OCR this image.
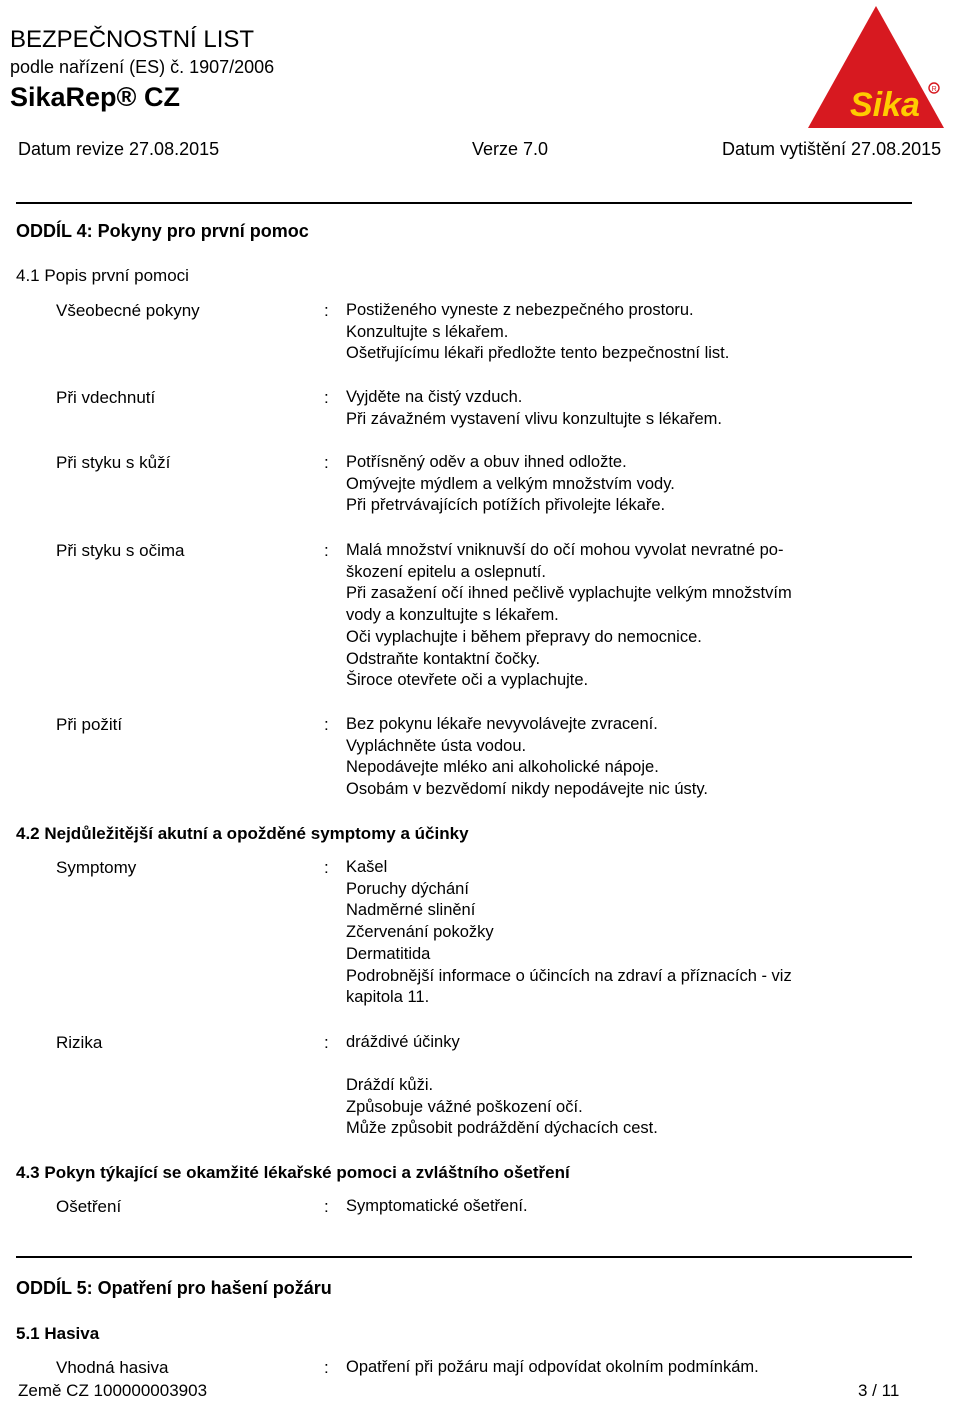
BEZPEČNOSTNÍ LIST
podle nařízení (ES) č. 1907/2006
SikaRep® CZ	Sika R
Datum revize 27.08.2015	Verze 7.0	Datum vytištění 27.08.2015
ODDÍL 4: Pokyny pro první pomoc
4.1 Popis první pomoci
Všeobecné pokyny	: Postiženého vyneste z nebezpečného prostoru.
Konzultujte s lékařem.
Ošetřujícímu lékaři předložte tento bezpečnostní list.
Při vdechnutí	: Vyjděte na čistý vzduch.
Při závažném vystavení vlivu konzultujte s lékařem.
Při styku s kůží	: Potřísněný oděv a obuv ihned odložte.
Omývejte mýdlem a velkým množstvím vody.
Při přetrvávajících potížích přivolejte lékaře.
Při styku s očima	: Malá množství vniknuvší do očí mohou vyvolat nevratné po-
škození epitelu a oslepnutí.
Při zasažení očí ihned pečlivě vyplachujte velkým množstvím
vody a konzultujte s lékařem.
Oči vyplachujte i během přepravy do nemocnice.
Odstraňte kontaktní čočky.
Široce otevřete oči a vyplachujte.
Při požití	: Bez pokynu lékaře nevyvolávejte zvracení.
Vypláchněte ústa vodou.
Nepodávejte mléko ani alkoholické nápoje.
Osobám v bezvědomí nikdy nepodávejte nic ústy.
4.2 Nejdůležitější akutní a opožděné symptomy a účinky
Symptomy	: Kašel
Poruchy dýchání
Nadměrné slinění
Zčervenání pokožky
Dermatitida
Podrobnější informace o účincích na zdraví a příznacích - viz
kapitola 11.
Rizika	: dráždivé účinky
Dráždí kůži.
Způsobuje vážné poškození očí.
Může způsobit podráždění dýchacích cest.
4.3 Pokyn týkající se okamžité lékařské pomoci a zvláštního ošetření
Ošetření	: Symptomatické ošetření.
ODDÍL 5: Opatření pro hašení požáru
5.1 Hasiva
Vhodná hasiva	: Opatření při požáru mají odpovídat okolním podmínkám.
Země CZ 100000003903	3 / 11
